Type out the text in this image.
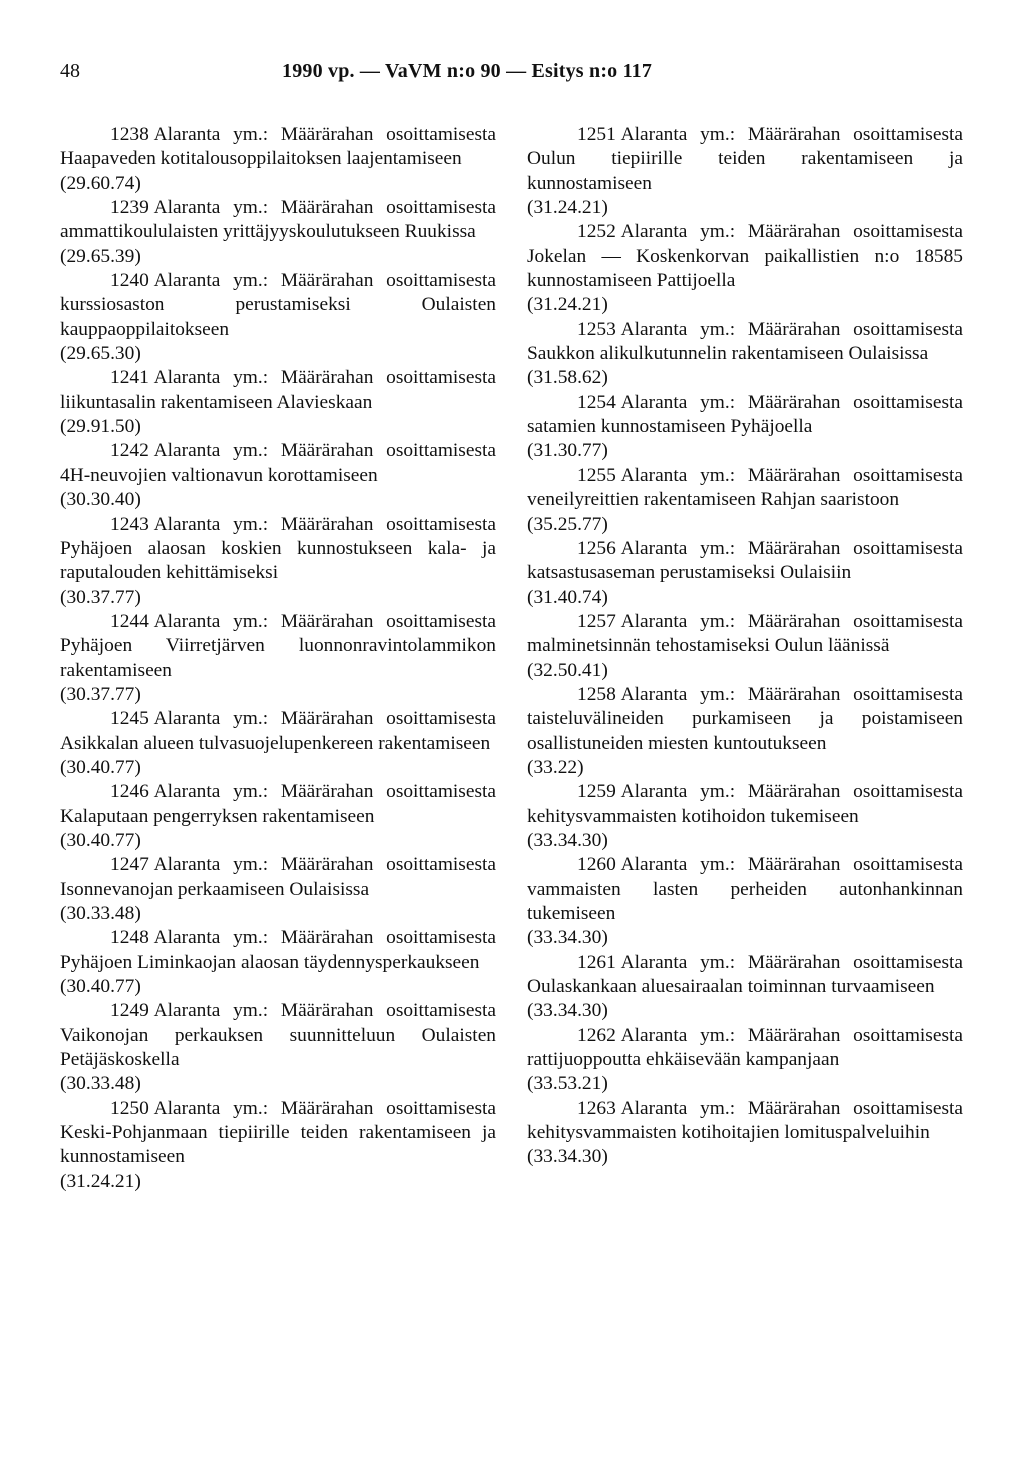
48	1990 vp. — VaVM n:o 90 — Esitys n:o 117

1238 Alaranta ym.: Määrärahan osoittamisesta Haapaveden kotitalousoppilaitoksen laajentamiseen

(29.60.74)

1239 Alaranta ym.: Määrärahan osoittamisesta ammattikoululaisten yrittäjyyskoulutukseen Ruukissa

(29.65.39)

1240 Alaranta ym.: Määrärahan osoittamisesta kurssiosaston perustamiseksi Oulaisten kauppaoppilaitokseen

(29.65.30)

1241 Alaranta ym.: Määrärahan osoittamisesta liikuntasalin rakentamiseen Alavieskaan

(29.91.50)

1242 Alaranta ym.: Määrärahan osoittamisesta 4H-neuvojien valtionavun korottamiseen

(30.30.40)

1243 Alaranta ym.: Määrärahan osoittamisesta Pyhäjoen alaosan koskien kunnostukseen kala- ja raputalouden kehittämiseksi

(30.37.77)

1244 Alaranta ym.: Määrärahan osoittamisesta Pyhäjoen Viirretjärven luonnonravintolammikon rakentamiseen

(30.37.77)

1245 Alaranta ym.: Määrärahan osoittamisesta Asikkalan alueen tulvasuojelupenkereen rakentamiseen

(30.40.77)

1246 Alaranta ym.: Määrärahan osoittamisesta Kalaputaan pengerryksen rakentamiseen

(30.40.77)

1247 Alaranta ym.: Määrärahan osoittamisesta Isonnevanojan perkaamiseen Oulaisissa

(30.33.48)

1248 Alaranta ym.: Määrärahan osoittamisesta Pyhäjoen Liminkaojan alaosan täydennysperkaukseen

(30.40.77)

1249 Alaranta ym.: Määrärahan osoittamisesta Vaikonojan perkauksen suunnitteluun Oulaisten Petäjäskoskella

(30.33.48)

1250 Alaranta ym.: Määrärahan osoittamisesta Keski-Pohjanmaan tiepiirille teiden rakentamiseen ja kunnostamiseen

(31.24.21)

1251 Alaranta ym.: Määrärahan osoittamisesta Oulun tiepiirille teiden rakentamiseen ja kunnostamiseen

(31.24.21)

1252 Alaranta ym.: Määrärahan osoittamisesta Jokelan — Koskenkorvan paikallistien n:o 18585 kunnostamiseen Pattijoella

(31.24.21)

1253 Alaranta ym.: Määrärahan osoittamisesta Saukkon alikulkutunnelin rakentamiseen Oulaisissa

(31.58.62)

1254 Alaranta ym.: Määrärahan osoittamisesta satamien kunnostamiseen Pyhäjoella

(31.30.77)

1255 Alaranta ym.: Määrärahan osoittamisesta veneilyreittien rakentamiseen Rahjan saaristoon

(35.25.77)

1256 Alaranta ym.: Määrärahan osoittamisesta katsastusaseman perustamiseksi Oulaisiin

(31.40.74)

1257 Alaranta ym.: Määrärahan osoittamisesta malminetsinnän tehostamiseksi Oulun läänissä

(32.50.41)

1258 Alaranta ym.: Määrärahan osoittamisesta taisteluvälineiden purkamiseen ja poistamiseen osallistuneiden miesten kuntoutukseen

(33.22)

1259 Alaranta ym.: Määrärahan osoittamisesta kehitysvammaisten kotihoidon tukemiseen

(33.34.30)

1260 Alaranta ym.: Määrärahan osoittamisesta vammaisten lasten perheiden autonhankinnan tukemiseen

(33.34.30)

1261 Alaranta ym.: Määrärahan osoittamisesta Oulaskankaan aluesairaalan toiminnan turvaamiseen

(33.34.30)

1262 Alaranta ym.: Määrärahan osoittamisesta rattijuoppoutta ehkäisevään kampanjaan

(33.53.21)

1263 Alaranta ym.: Määrärahan osoittamisesta kehitysvammaisten kotihoitajien lomituspalveluihin

(33.34.30)
